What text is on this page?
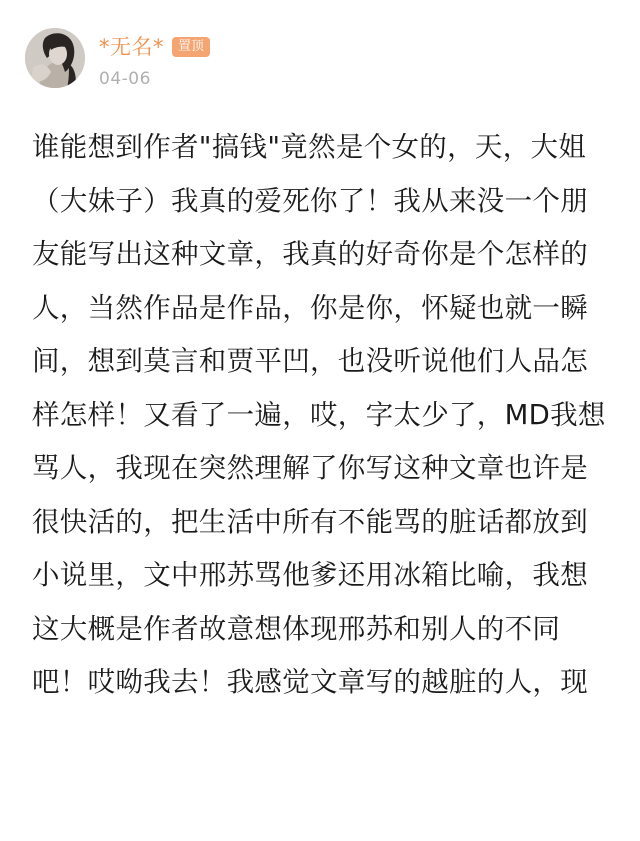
*无名*	置顶
04-06
谁能想到作者"搞钱"竟然是个女的，天，大姐
（大妹子）我真的爱死你了！我从来没一个朋
友能写出这种文章，我真的好奇你是个怎样的
人，当然作品是作品，你是你，怀疑也就一瞬
间，想到莫言和贾平凹，也没听说他们人品怎
样怎样！又看了一遍，哎，字太少了，MD我想
骂人，我现在突然理解了你写这种文章也许是
很快活的，把生活中所有不能骂的脏话都放到
小说里，文中邢苏骂他爹还用冰箱比喻，我想
这大概是作者故意想体现邢苏和别人的不同
吧！哎呦我去！我感觉文章写的越脏的人，现
